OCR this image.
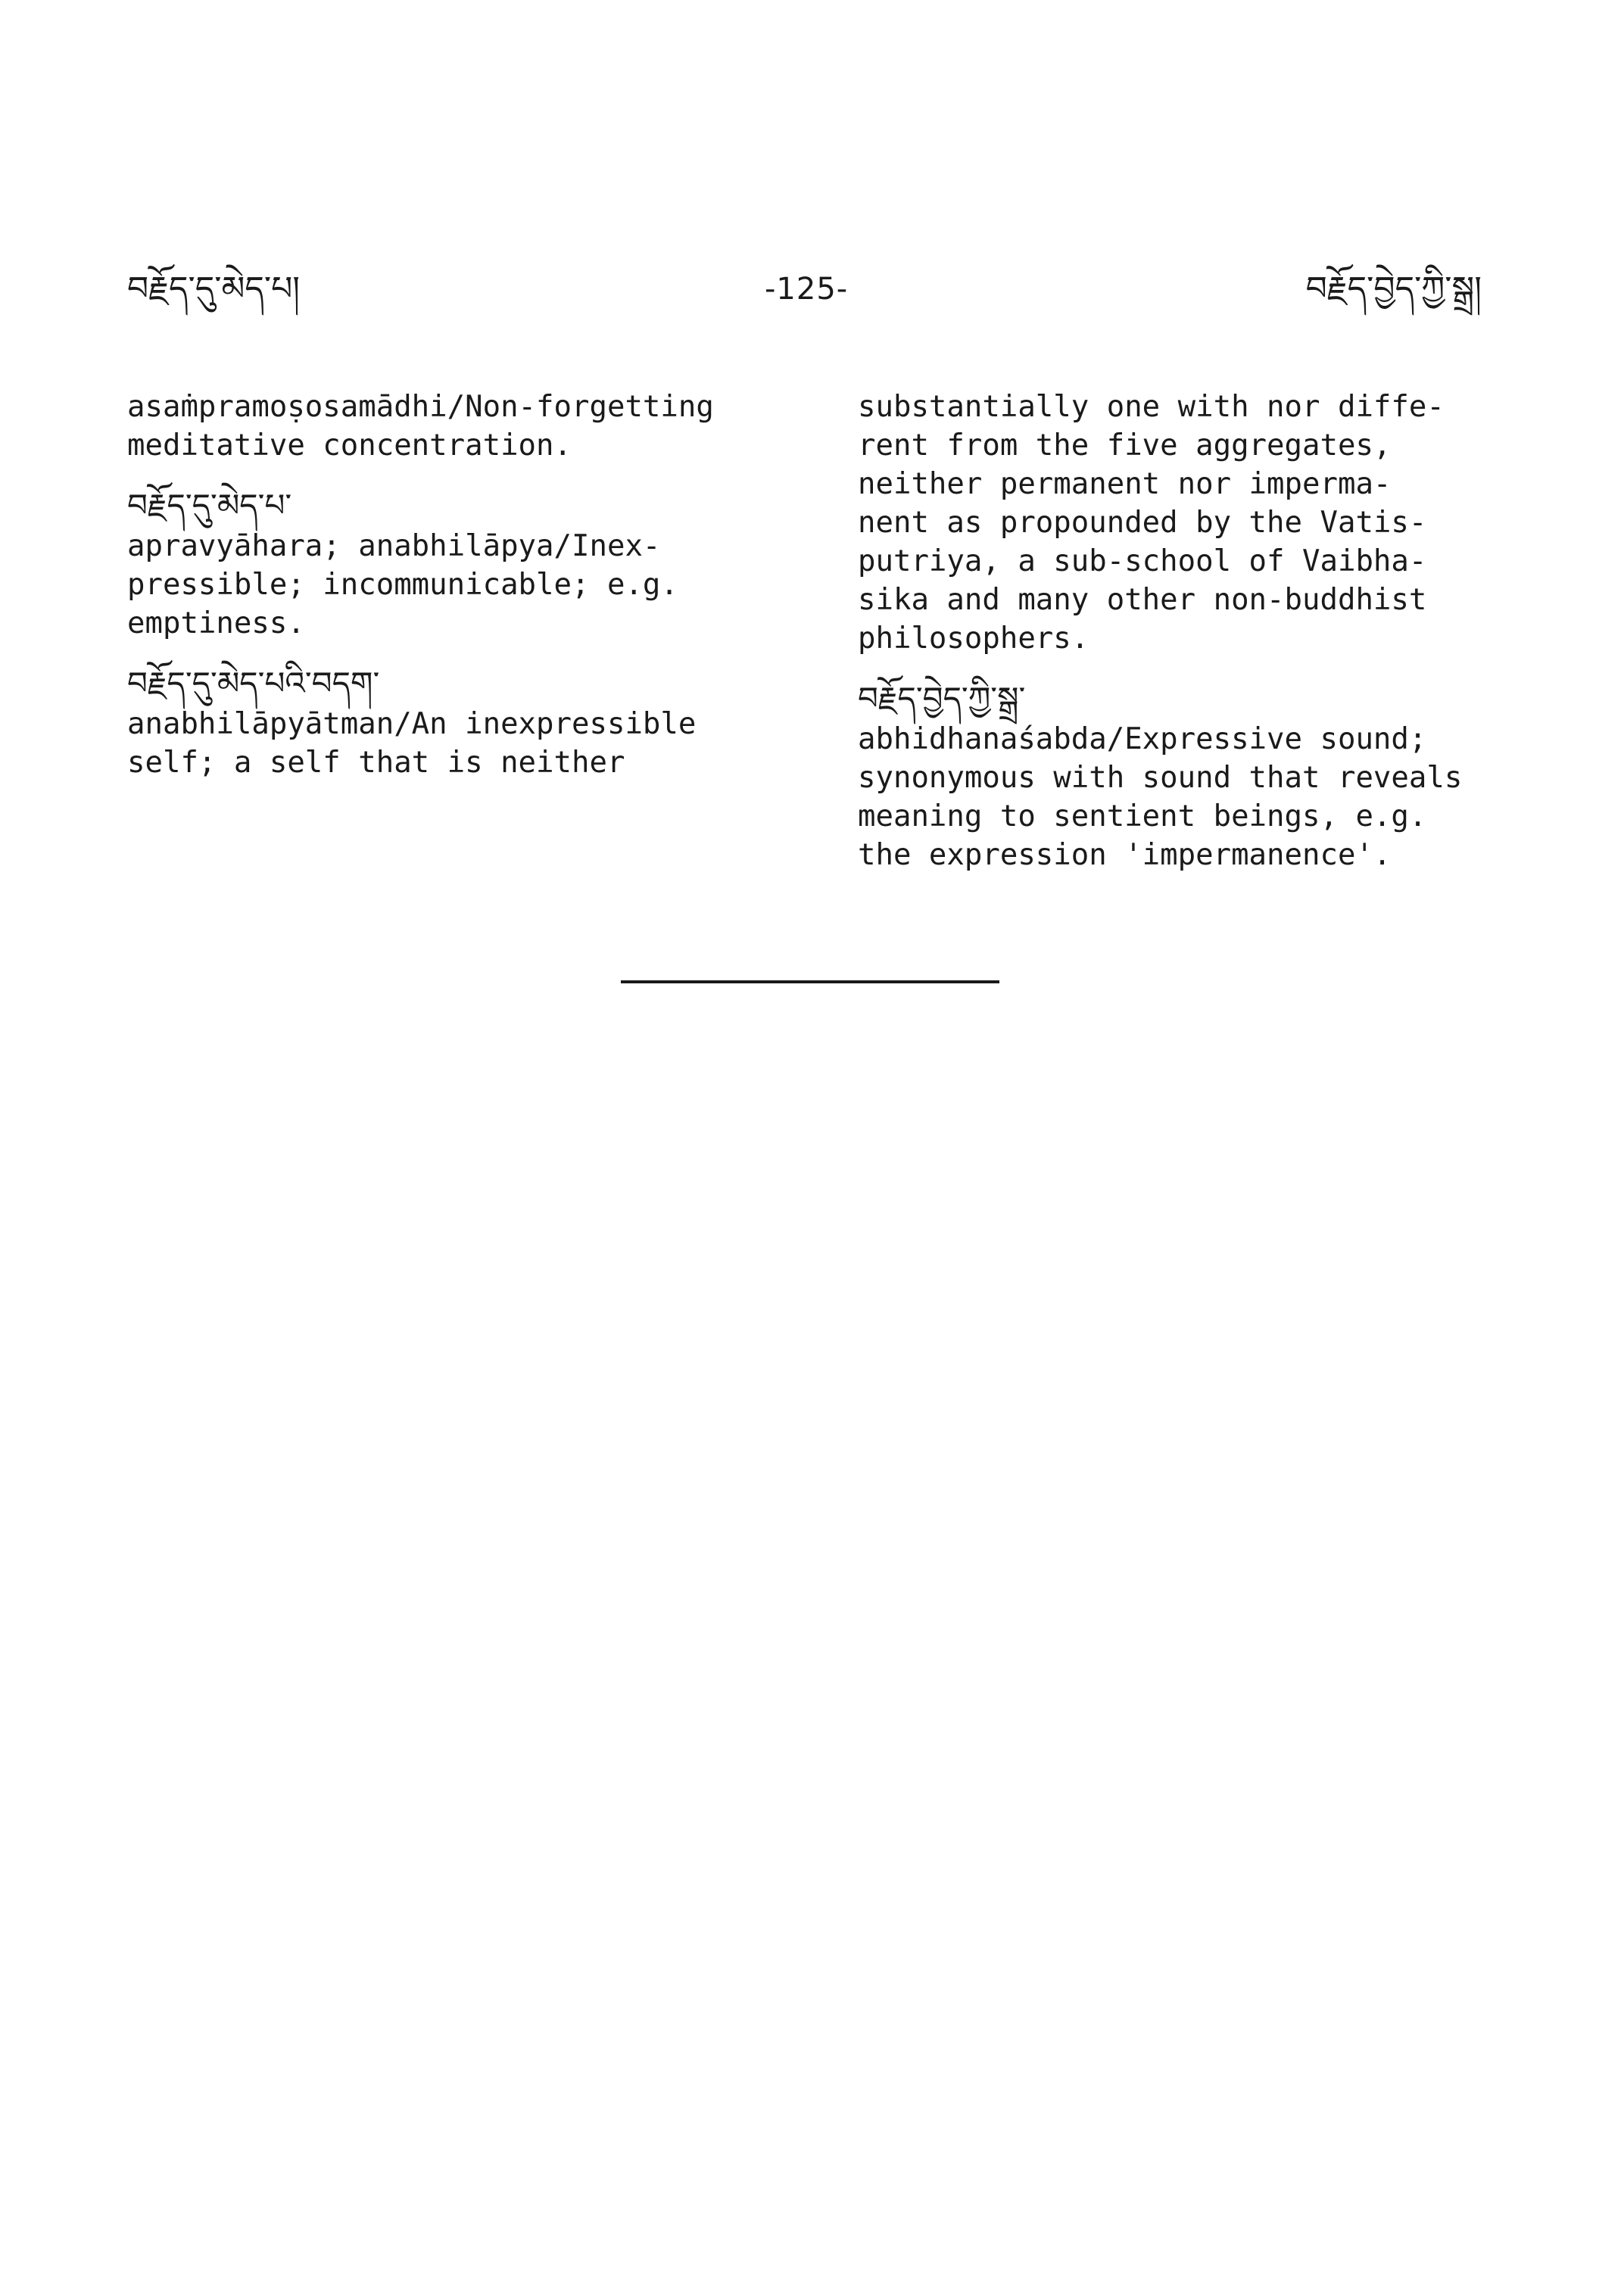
བརྗོད་དུ་མེད་པ།	-125-	བརྗོད་བྱེད་ཀྱི་སྒྲ།
asaṁpramoṣosamādhi/Non-forgetting
meditative concentration.
བརྗོད་དུ་མེད་པ་
apravyāhara; anabhilāpya/Inex-
pressible; incommunicable; e.g.
emptiness.
བརྗོད་དུ་མེད་པའི་བདག་
anabhilāpyātman/An inexpressible
self; a self that is neither
substantially one with nor diffe-
rent from the five aggregates,
neither permanent nor imperma-
nent as propounded by the Vatis-
putriya, a sub-school of Vaibha-
sika and many other non-buddhist
philosophers.
བརྗོད་བྱེད་ཀྱི་སྒྲ་
abhidhanaśabda/Expressive sound;
synonymous with sound that reveals
meaning to sentient beings, e.g.
the expression 'impermanence'.
